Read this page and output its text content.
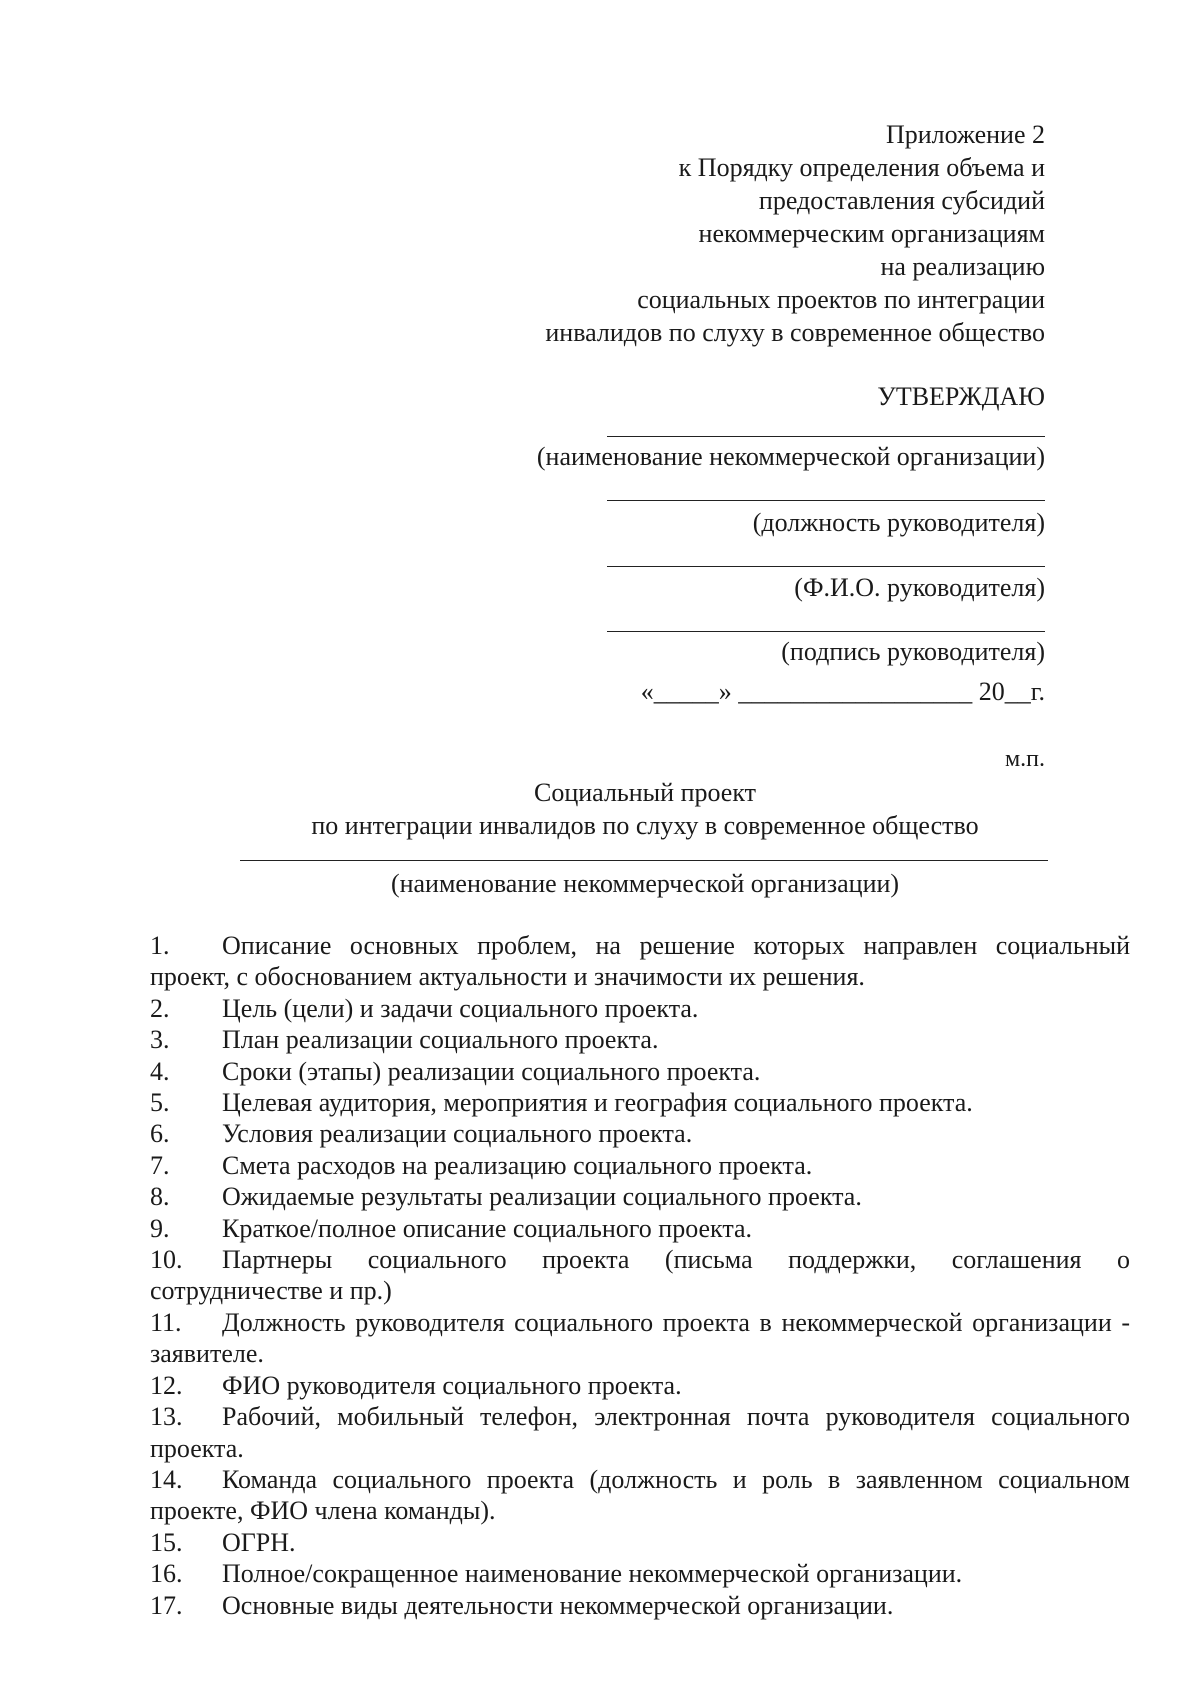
Приложение 2
к Порядку определения объема и
предоставления субсидий
некоммерческим организациям
на реализацию
социальных проектов по интеграции
инвалидов по слуху в современное общество
УТВЕРЖДАЮ
(наименование некоммерческой организации)
(должность руководителя)
(Ф.И.О. руководителя)
(подпись руководителя)
«_____» __________________ 20__г.
м.п.
Социальный проект
по интеграции инвалидов по слуху в современное общество
(наименование некоммерческой организации)
1. Описание основных проблем, на решение которых направлен социальный проект, с обоснованием актуальности и значимости их решения.
2. Цель (цели) и задачи социального проекта.
3. План реализации социального проекта.
4. Сроки (этапы) реализации социального проекта.
5. Целевая аудитория, мероприятия и география социального проекта.
6. Условия реализации социального проекта.
7. Смета расходов на реализацию социального проекта.
8. Ожидаемые результаты реализации социального проекта.
9. Краткое/полное описание социального проекта.
10. Партнеры социального проекта (письма поддержки, соглашения о сотрудничестве и пр.)
11. Должность руководителя социального проекта в некоммерческой организации - заявителе.
12. ФИО руководителя социального проекта.
13. Рабочий, мобильный телефон, электронная почта руководителя социального проекта.
14. Команда социального проекта (должность и роль в заявленном социальном проекте, ФИО члена команды).
15. ОГРН.
16. Полное/сокращенное наименование некоммерческой организации.
17. Основные виды деятельности некоммерческой организации.
